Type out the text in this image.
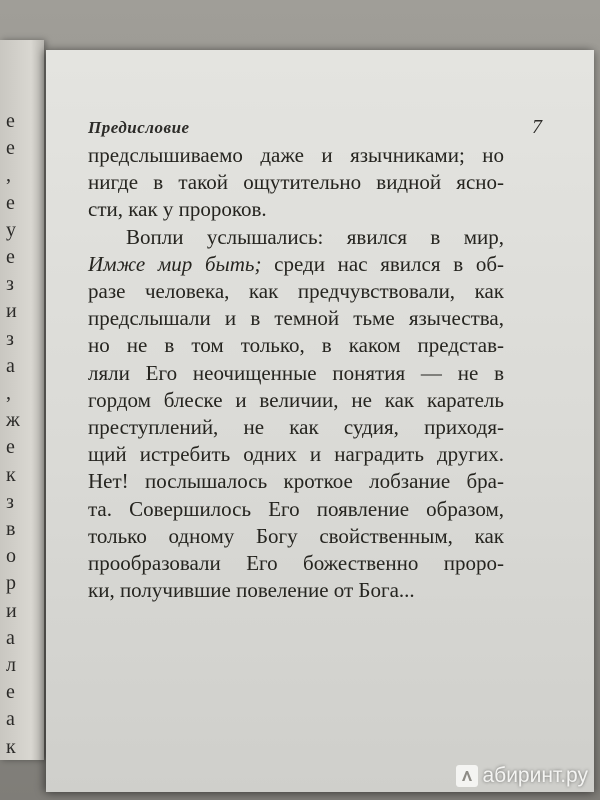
е
е
,
е
у
е
з
и
з
а
,
ж
е
к
з
в
о
р
и
а
л
е
а
к
Предисловие	7
предслышиваемо даже и язычниками; но
нигде в такой ощутительно видной ясно-
сти, как у пророков.
Вопли услышались: явился в мир,
Имже мир быть; среди нас явился в об-
разе человека, как предчувствовали, как
предслышали и в темной тьме язычества,
но не в том только, в каком представ-
ляли Его неочищенные понятия — не в
гордом блеске и величии, не как каратель
преступлений, не как судия, приходя-
щий истребить одних и наградить других.
Нет! послышалось кроткое лобзание бра-
та. Совершилось Его появление образом,
только одному Богу свойственным, как
прообразовали Его божественно проро-
ки, получившие повеление от Бога...
абиринт.ру
